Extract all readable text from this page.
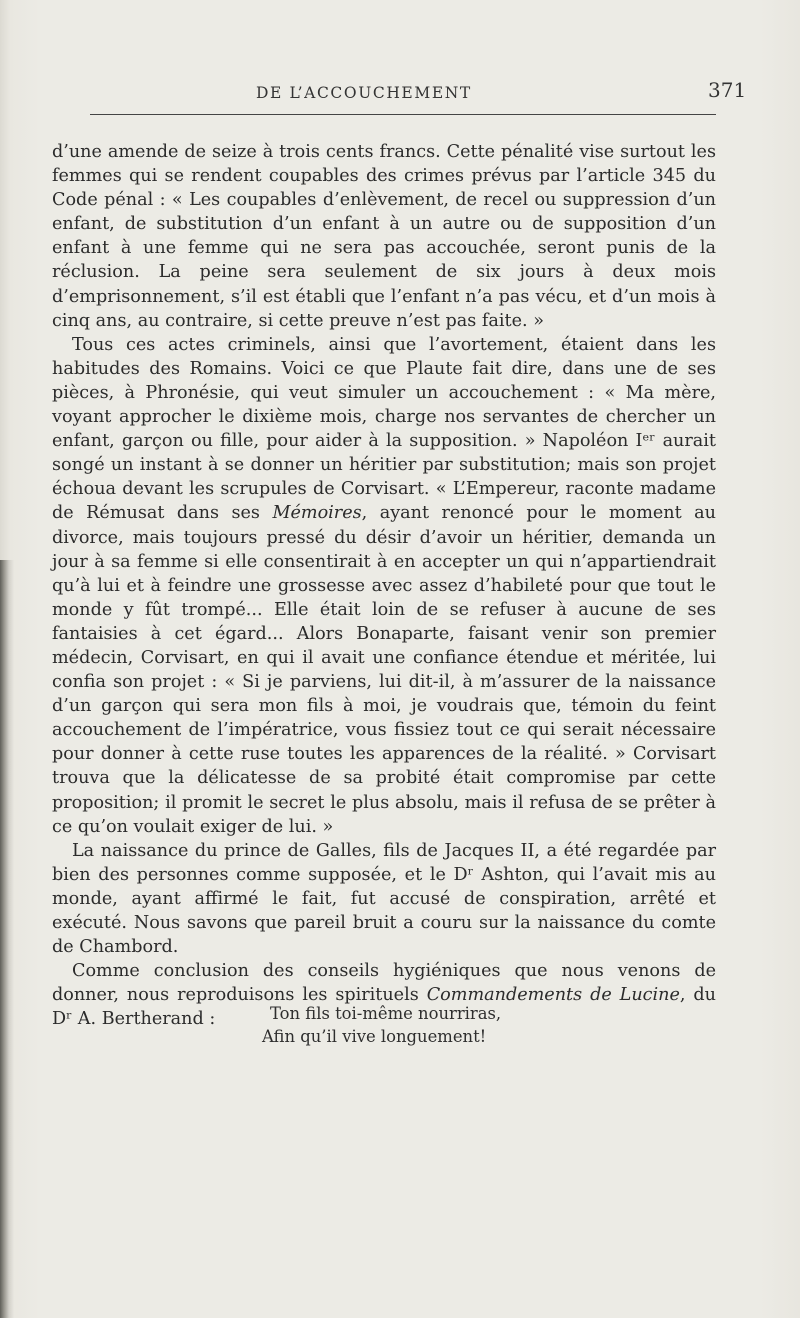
DE L’ACCOUCHEMENT	371

d’une amende de seize à trois cents francs. Cette pénalité vise surtout les femmes qui se rendent coupables des crimes prévus par l’article 345 du Code pénal : « Les coupables d’enlèvement, de recel ou suppression d’un enfant, de substitution d’un enfant à un autre ou de supposition d’un enfant à une femme qui ne sera pas accouchée, seront punis de la réclusion. La peine sera seulement de six jours à deux mois d’emprisonnement, s’il est établi que l’enfant n’a pas vécu, et d’un mois à cinq ans, au contraire, si cette preuve n’est pas faite. »

Tous ces actes criminels, ainsi que l’avortement, étaient dans les habitudes des Romains. Voici ce que Plaute fait dire, dans une de ses pièces, à Phronésie, qui veut simuler un accouchement : « Ma mère, voyant approcher le dixième mois, charge nos servantes de chercher un enfant, garçon ou fille, pour aider à la supposition. » Napoléon Iᵉʳ aurait songé un instant à se donner un héritier par substitution; mais son projet échoua devant les scrupules de Corvisart. « L’Empereur, raconte madame de Rémusat dans ses Mémoires, ayant renoncé pour le moment au divorce, mais toujours pressé du désir d’avoir un héritier, demanda un jour à sa femme si elle consentirait à en accepter un qui n’appartiendrait qu’à lui et à feindre une grossesse avec assez d’habileté pour que tout le monde y fût trompé... Elle était loin de se refuser à aucune de ses fantaisies à cet égard... Alors Bonaparte, faisant venir son premier médecin, Corvisart, en qui il avait une confiance étendue et méritée, lui confia son projet : « Si je parviens, lui dit-il, à m’assurer de la naissance d’un garçon qui sera mon fils à moi, je voudrais que, témoin du feint accouchement de l’impératrice, vous fissiez tout ce qui serait nécessaire pour donner à cette ruse toutes les apparences de la réalité. » Corvisart trouva que la délicatesse de sa probité était compromise par cette proposition; il promit le secret le plus absolu, mais il refusa de se prêter à ce qu’on voulait exiger de lui. »

La naissance du prince de Galles, fils de Jacques II, a été regardée par bien des personnes comme supposée, et le Dʳ Ashton, qui l’avait mis au monde, ayant affirmé le fait, fut accusé de conspiration, arrêté et exécuté. Nous savons que pareil bruit a couru sur la naissance du comte de Chambord.

Comme conclusion des conseils hygiéniques que nous venons de donner, nous reproduisons les spirituels Commandements de Lucine, du Dʳ A. Bertherand :	Ton fils toi-même nourriras,
Afin qu’il vive longuement!
